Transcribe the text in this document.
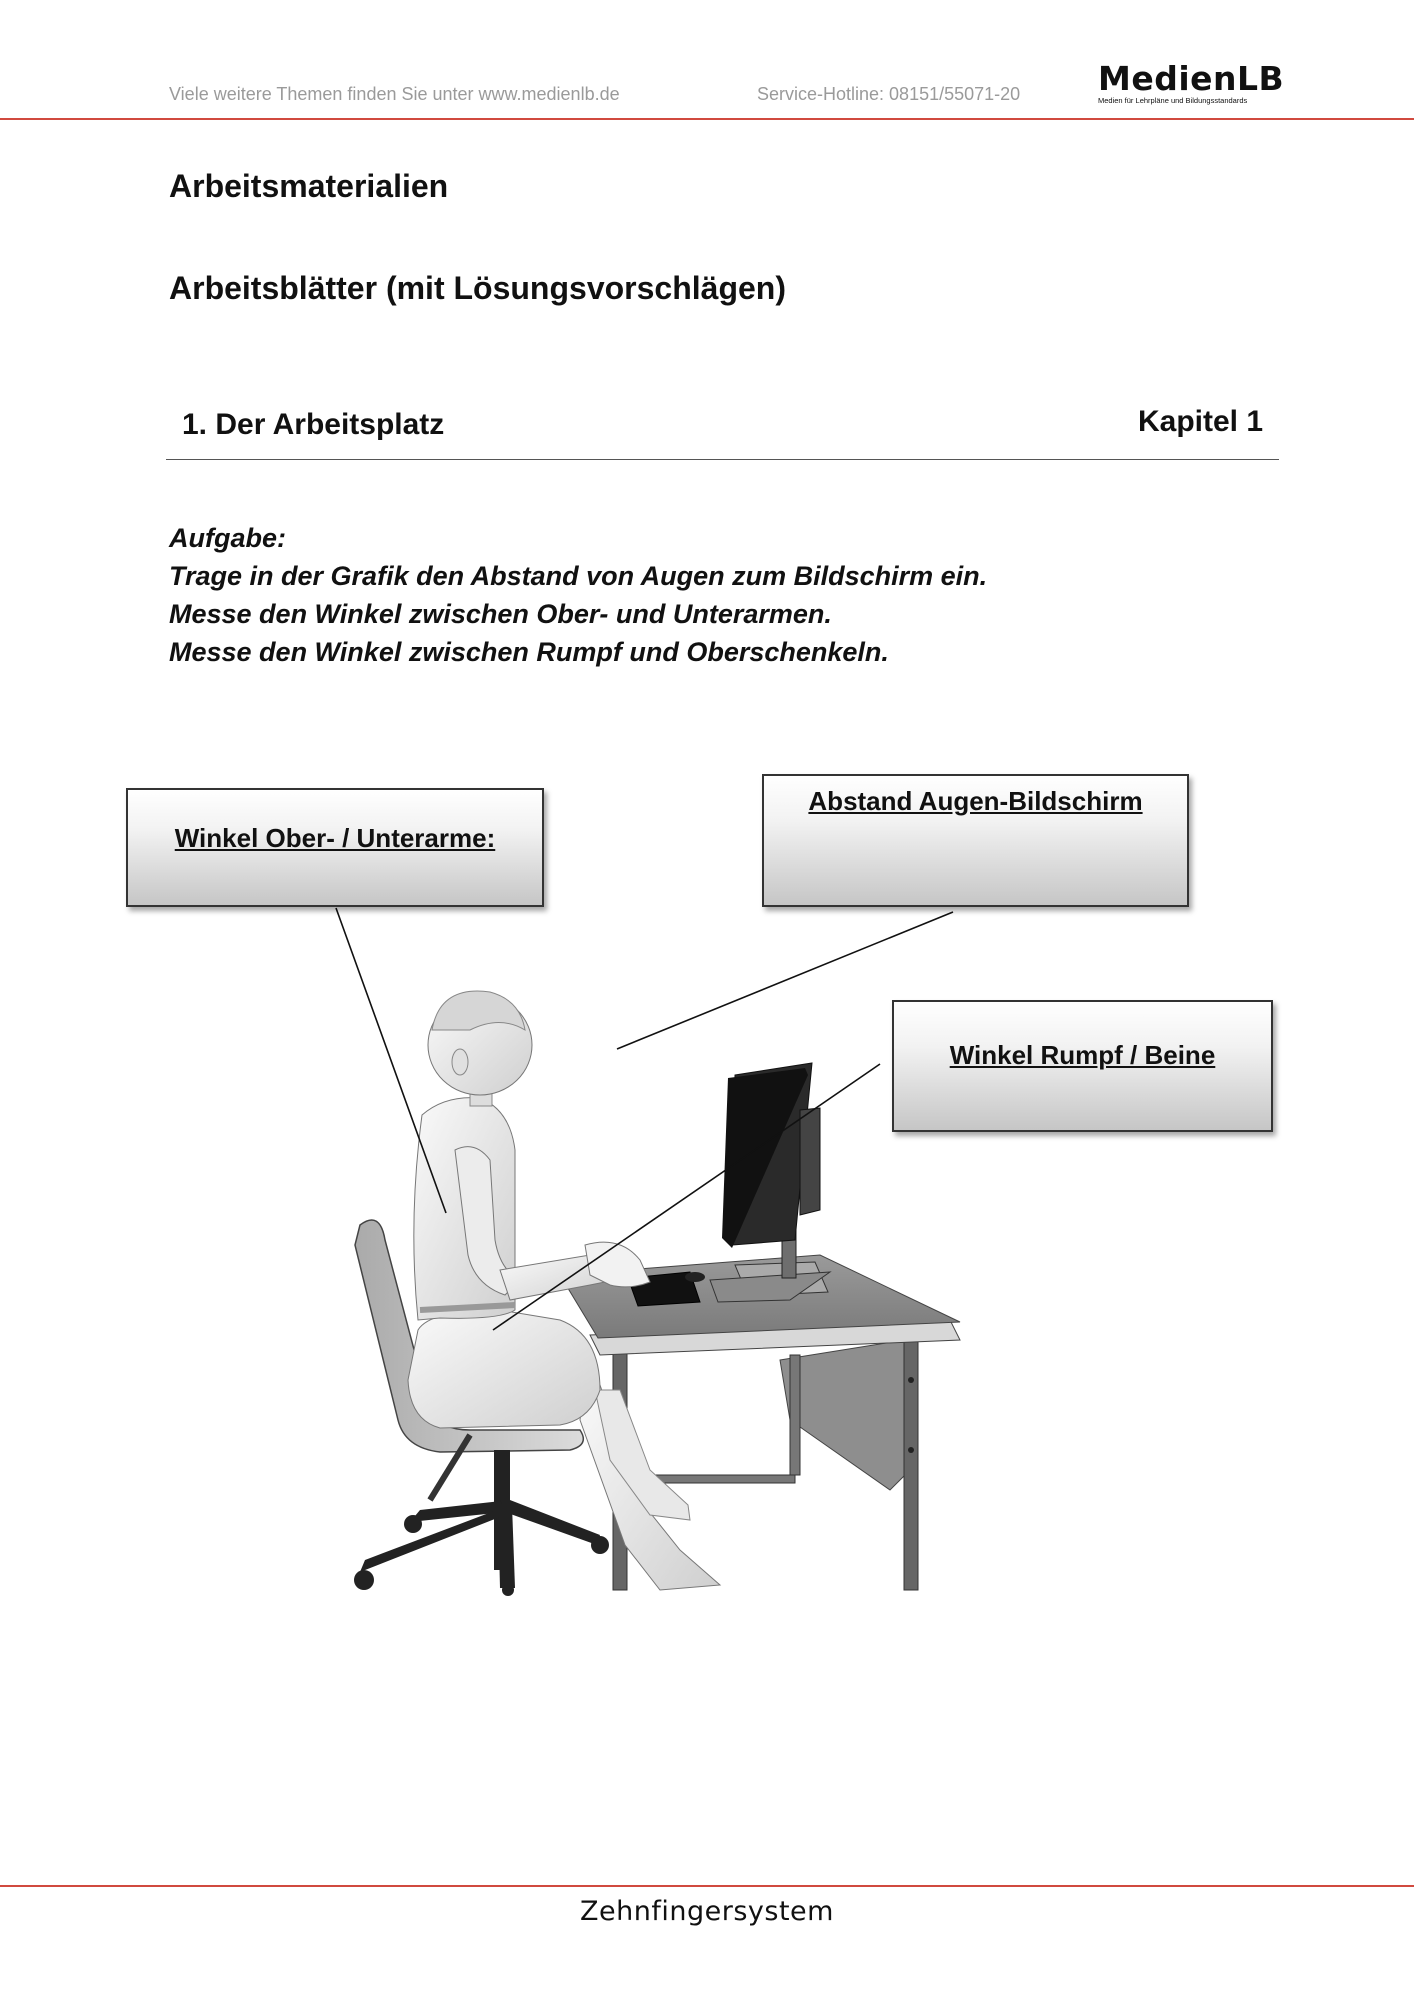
Viele weitere Themen finden Sie unter www.medienlb.de	Service-Hotline: 08151/55071-20 MedienLB
Medien für Lehrpläne und Bildungsstandards
Arbeitsmaterialien
Arbeitsblätter (mit Lösungsvorschlägen)
1. Der Arbeitsplatz	Kapitel 1
Aufgabe:
Trage in der Grafik den Abstand von Augen zum Bildschirm ein.
Messe den Winkel zwischen Ober- und Unterarmen.
Messe den Winkel zwischen Rumpf und Oberschenkeln.
Winkel Ober- / Unterarme:
Abstand Augen-Bildschirm
Winkel Rumpf / Beine
Zehnfingersystem
